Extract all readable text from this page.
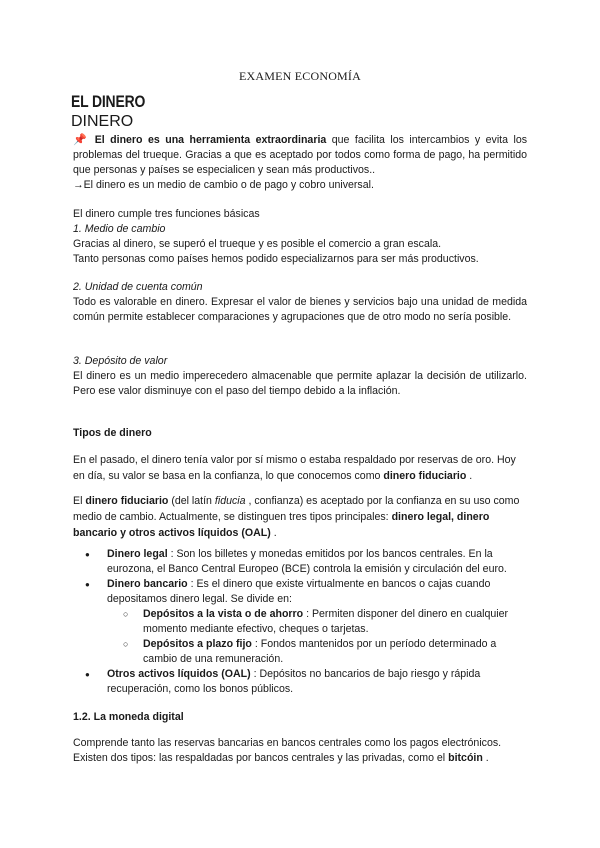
EXAMEN ECONOMÍA
EL DINERO
DINERO
📌 El dinero es una herramienta extraordinaria que facilita los intercambios y evita los problemas del trueque. Gracias a que es aceptado por todos como forma de pago, ha permitido que personas y países se especialicen y sean más productivos..
→El dinero es un medio de cambio o de pago y cobro universal.
El dinero cumple tres funciones básicas
1. Medio de cambio
Gracias al dinero, se superó el trueque y es posible el comercio a gran escala.
Tanto personas como países hemos podido especializarnos para ser más productivos.
2. Unidad de cuenta común
Todo es valorable en dinero. Expresar el valor de bienes y servicios bajo una unidad de medida común permite establecer comparaciones y agrupaciones que de otro modo no sería posible.
3. Depósito de valor
El dinero es un medio imperecedero almacenable que permite aplazar la decisión de utilizarlo. Pero ese valor disminuye con el paso del tiempo debido a la inflación.
Tipos de dinero
En el pasado, el dinero tenía valor por sí mismo o estaba respaldado por reservas de oro. Hoy en día, su valor se basa en la confianza, lo que conocemos como dinero fiduciario .
El dinero fiduciario (del latín fiducia , confianza) es aceptado por la confianza en su uso como medio de cambio. Actualmente, se distinguen tres tipos principales: dinero legal, dinero bancario y otros activos líquidos (OAL) .
● Dinero legal : Son los billetes y monedas emitidos por los bancos centrales. En la eurozona, el Banco Central Europeo (BCE) controla la emisión y circulación del euro.
● Dinero bancario : Es el dinero que existe virtualmente en bancos o cajas cuando depositamos dinero legal. Se divide en:
○ Depósitos a la vista o de ahorro : Permiten disponer del dinero en cualquier momento mediante efectivo, cheques o tarjetas.
○ Depósitos a plazo fijo : Fondos mantenidos por un período determinado a cambio de una remuneración.
● Otros activos líquidos (OAL) : Depósitos no bancarios de bajo riesgo y rápida recuperación, como los bonos públicos.
1.2. La moneda digital
Comprende tanto las reservas bancarias en bancos centrales como los pagos electrónicos.
Existen dos tipos: las respaldadas por bancos centrales y las privadas, como el bitcóin .
